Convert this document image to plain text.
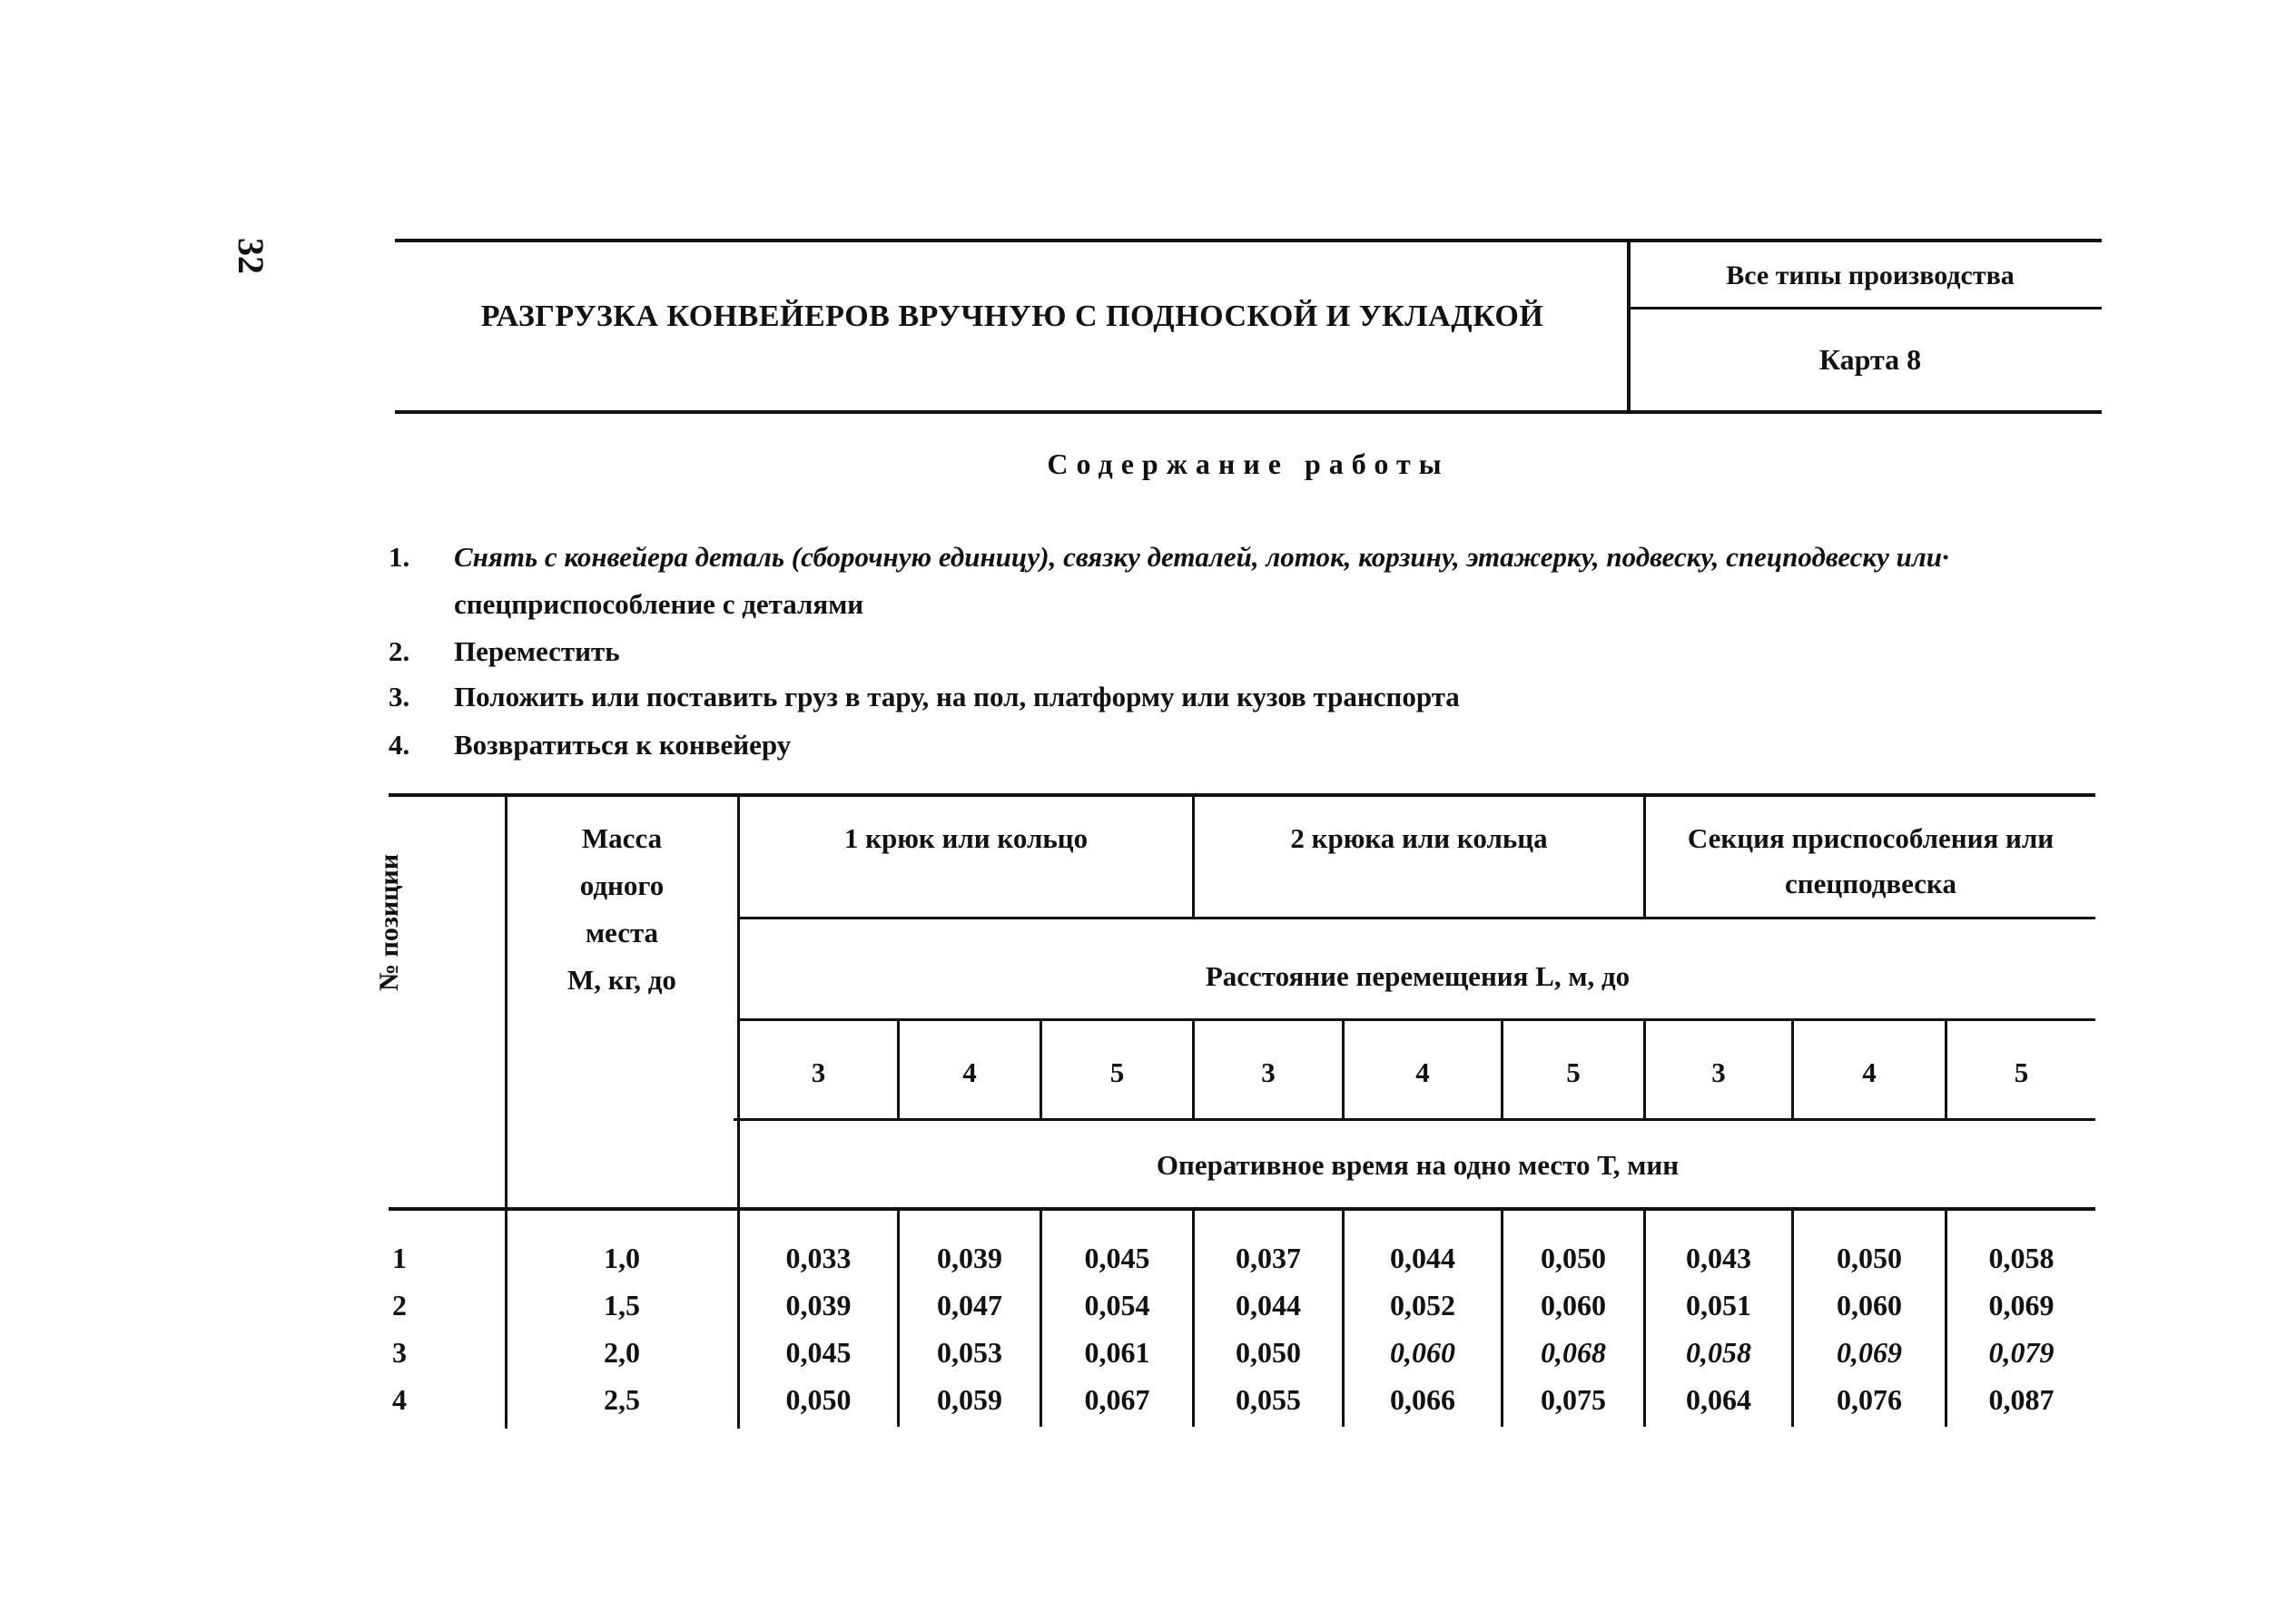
32
РАЗГРУЗКА КОНВЕЙЕРОВ ВРУЧНУЮ С ПОДНОСКОЙ И УКЛАДКОЙ
Все типы производства
Карта 8
Содержание работы
1. Снять с конвейера деталь (сборочную единицу), связку деталей, лоток, корзину, этажерку, подвеску, спецподвеску или·
спецприспособление с деталями
2. Переместить
3. Положить или поставить груз в тару, на пол, платформу или кузов транспорта
4. Возвратиться к конвейеру
№ позиции
Масса
одного
места
М, кг, до
1 крюк или кольцо	2 крюка или кольца	Секция приспособления или
спецподвеска
Расстояние перемещения L, м, до
3	4	5	3	4	5	3	4	5
Оперативное время на одно место Т, мин
1	1,0	0,033	0,039	0,045	0,037	0,044	0,050	0,043	0,050	0,058
2	1,5	0,039	0,047	0,054	0,044	0,052	0,060	0,051	0,060	0,069
3	2,0	0,045	0,053	0,061	0,050	0,060	0,068	0,058	0,069	0,079
4	2,5	0,050	0,059	0,067	0,055	0,066	0,075	0,064	0,076	0,087
